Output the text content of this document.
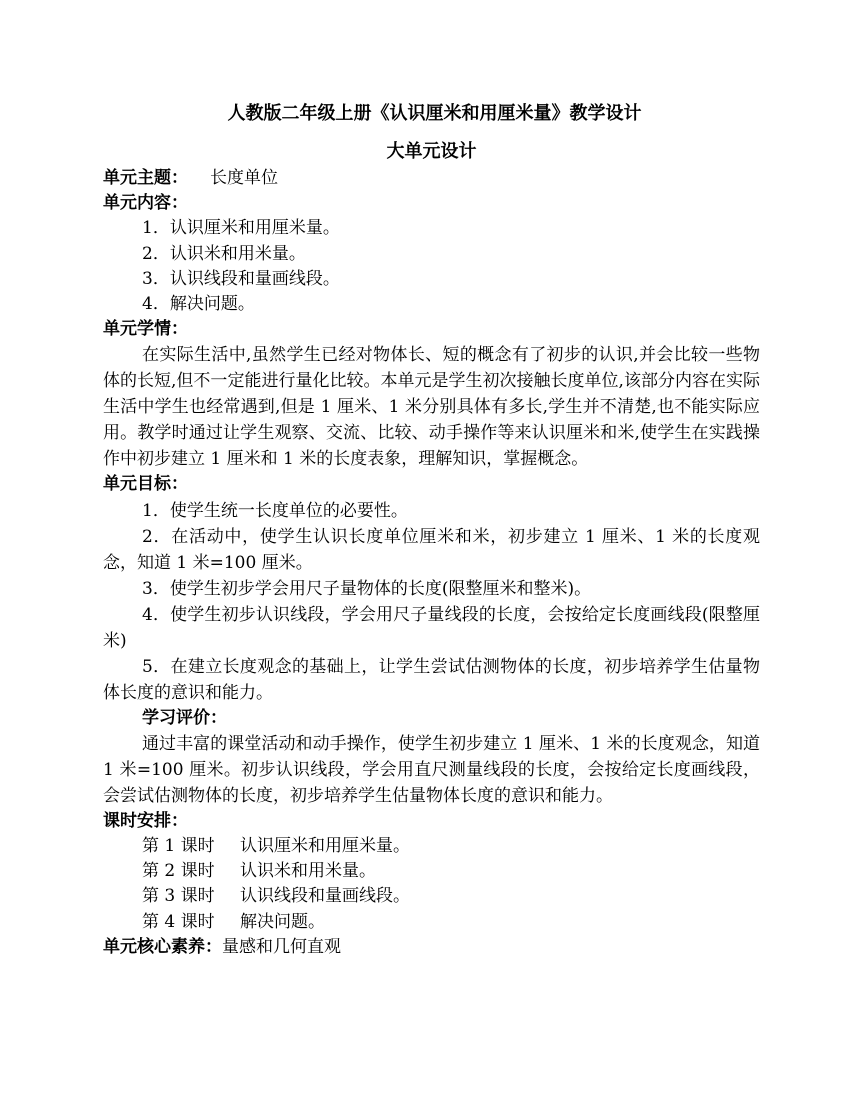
人教版二年级上册《认识厘米和用厘米量》教学设计
大单元设计
单元主题： 长度单位
单元内容：
1．认识厘米和用厘米量。
2．认识米和用米量。
3．认识线段和量画线段。
4．解决问题。
单元学情：

在实际生活中,虽然学生已经对物体长、短的概念有了初步的认识,并会比较一些物体的长短,但不一定能进行量化比较。本单元是学生初次接触长度单位,该部分内容在实际生活中学生也经常遇到,但是 1 厘米、1 米分别具体有多长,学生并不清楚,也不能实际应用。教学时通过让学生观察、交流、比较、动手操作等来认识厘米和米,使学生在实践操作中初步建立 1 厘米和 1 米的长度表象，理解知识，掌握概念。

单元目标：

1．使学生统一长度单位的必要性。

2．在活动中，使学生认识长度单位厘米和米，初步建立 1 厘米、1 米的长度观念，知道 1 米=100 厘米。

3．使学生初步学会用尺子量物体的长度(限整厘米和整米)。

4．使学生初步认识线段，学会用尺子量线段的长度，会按给定长度画线段(限整厘米)

5．在建立长度观念的基础上，让学生尝试估测物体的长度，初步培养学生估量物体长度的意识和能力。

学习评价：

通过丰富的课堂活动和动手操作，使学生初步建立 1 厘米、1 米的长度观念，知道 1 米=100 厘米。初步认识线段，学会用直尺测量线段的长度，会按给定长度画线段，会尝试估测物体的长度，初步培养学生估量物体长度的意识和能力。

课时安排：
第 1 课时 认识厘米和用厘米量。
第 2 课时 认识米和用米量。
第 3 课时 认识线段和量画线段。
第 4 课时 解决问题。
单元核心素养：量感和几何直观
